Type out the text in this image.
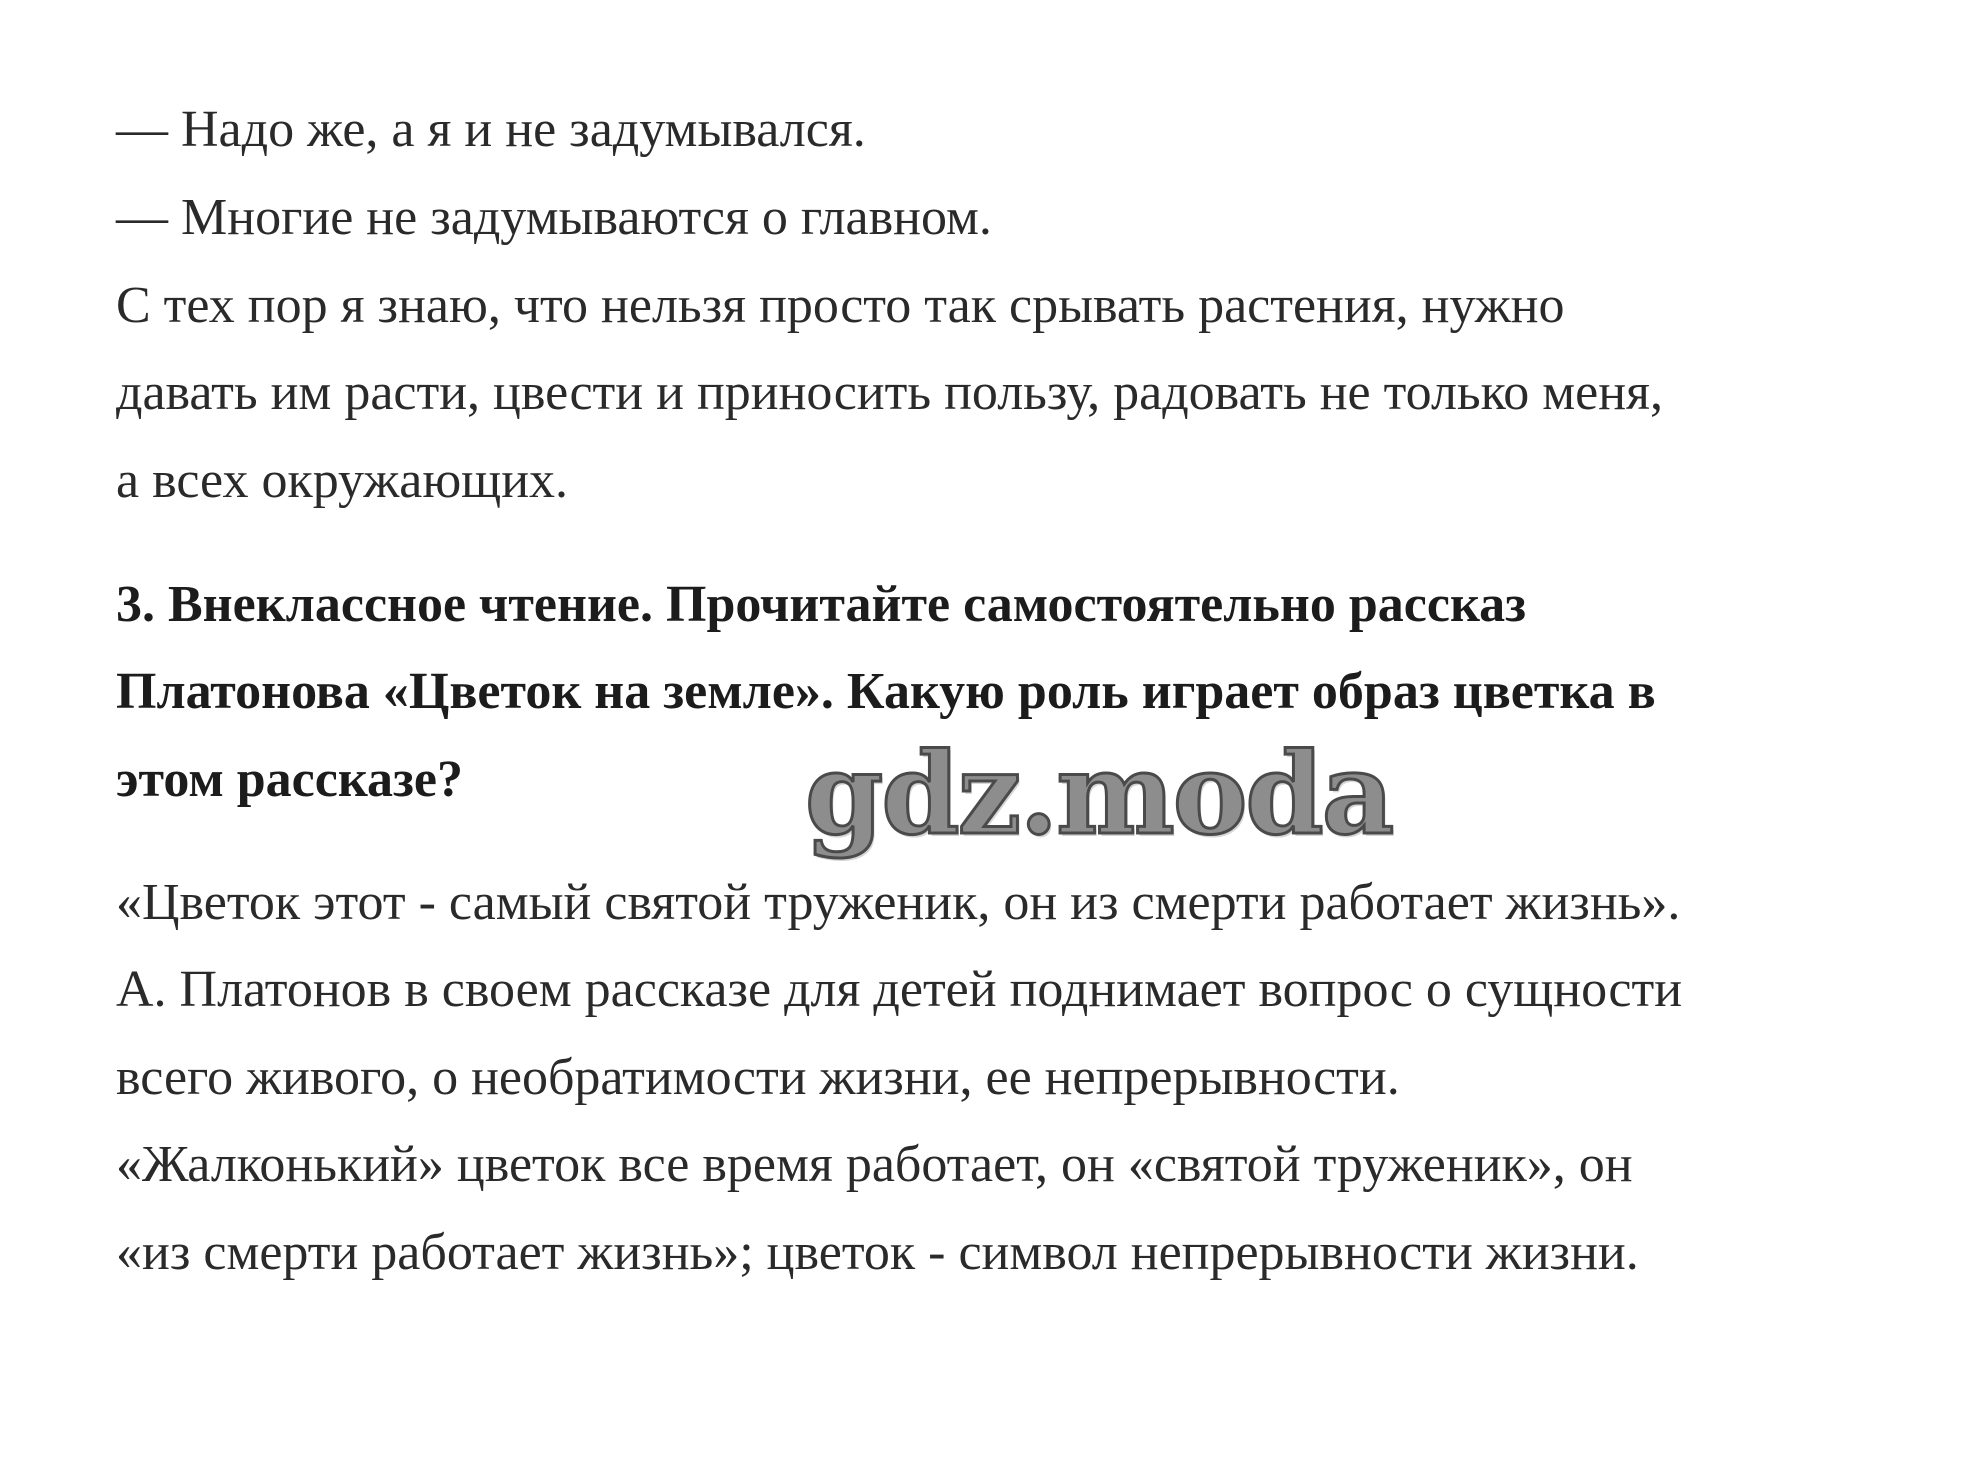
— Надо же, а я и не задумывался.
— Многие не задумываются о главном.
С тех пор я знаю, что нельзя просто так срывать растения, нужно
давать им расти, цвести и приносить пользу, радовать не только меня,
а всех окружающих.
3. Внеклассное чтение. Прочитайте самостоятельно рассказ
Платонова «Цветок на земле». Какую роль играет образ цветка в
этом рассказе?	gdz.moda
«Цветок этот - самый святой труженик, он из смерти работает жизнь».
А. Платонов в своем рассказе для детей поднимает вопрос о сущности
всего живого, о необратимости жизни, ее непрерывности.
«Жалконький» цветок все время работает, он «святой труженик», он
«из смерти работает жизнь»; цветок - символ непрерывности жизни.
